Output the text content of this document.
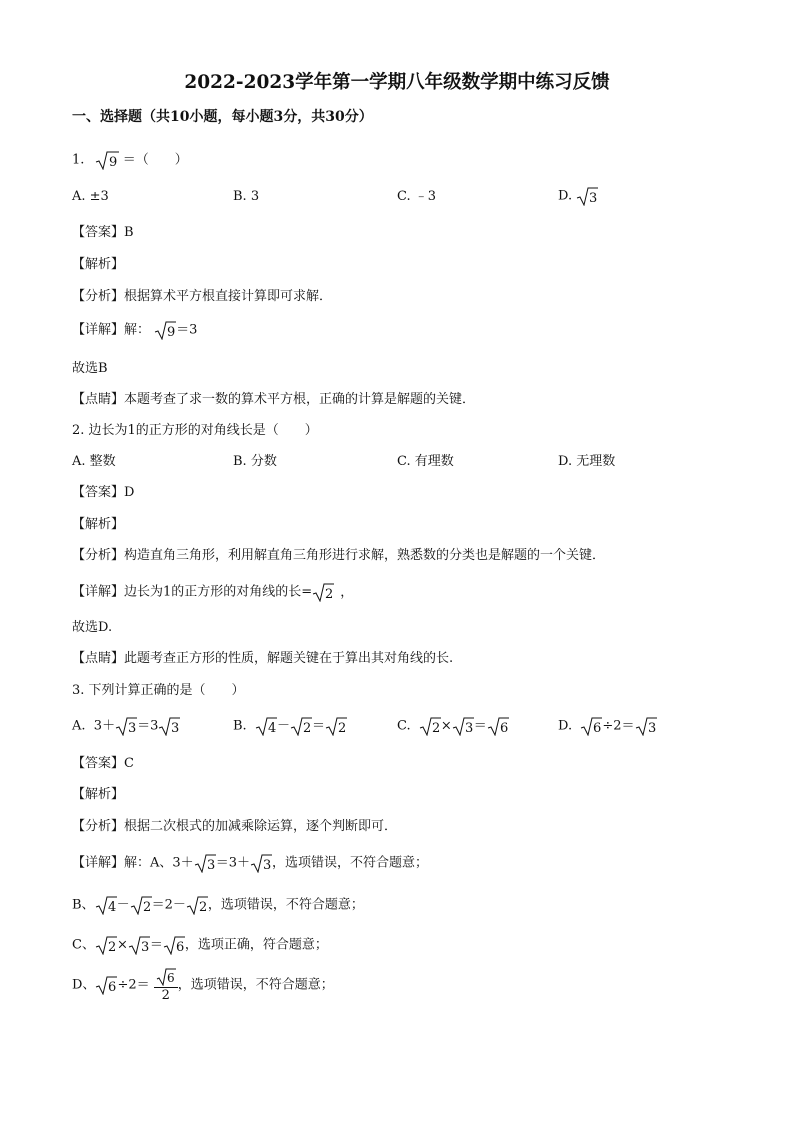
2022-2023学年第一学期八年级数学期中练习反馈
一、选择题（共10小题，每小题3分，共30分）
1. 9 ＝（　　）
A. ±3	B. 3	C. ﹣3	D. 3
【答案】B
【解析】
【分析】根据算术平方根直接计算即可求解．
【详解】解： 9 ＝3
故选B
【点睛】本题考查了求一数的算术平方根，正确的计算是解题的关键．
2. 边长为1的正方形的对角线长是（　　）
A. 整数	B. 分数	C. 有理数	D. 无理数
【答案】D
【解析】
【分析】构造直角三角形，利用解直角三角形进行求解，熟悉数的分类也是解题的一个关键．
【详解】边长为1的正方形的对角线的长= 2 ，
故选D.
【点睛】此题考查正方形的性质，解题关键在于算出其对角线的长.
3. 下列计算正确的是（　　）
A. 3＋ 3 ＝3 3	B. 4 － 2 ＝ 2	C. 2 × 3 ＝ 6	D. 6 ÷2＝ 3
【答案】C
【解析】
【分析】根据二次根式的加减乘除运算，逐个判断即可．
【详解】解：A、3＋ 3 ＝3＋ 3 ，选项错误，不符合题意；
B、 4 － 2 ＝2－ 2 ，选项错误，不符合题意；
C、 2 × 3 ＝ 6 ，选项正确，符合题意；
D、 $6 \div 2= \frac{6}{2}$ ，选项错误，不符合题意；
